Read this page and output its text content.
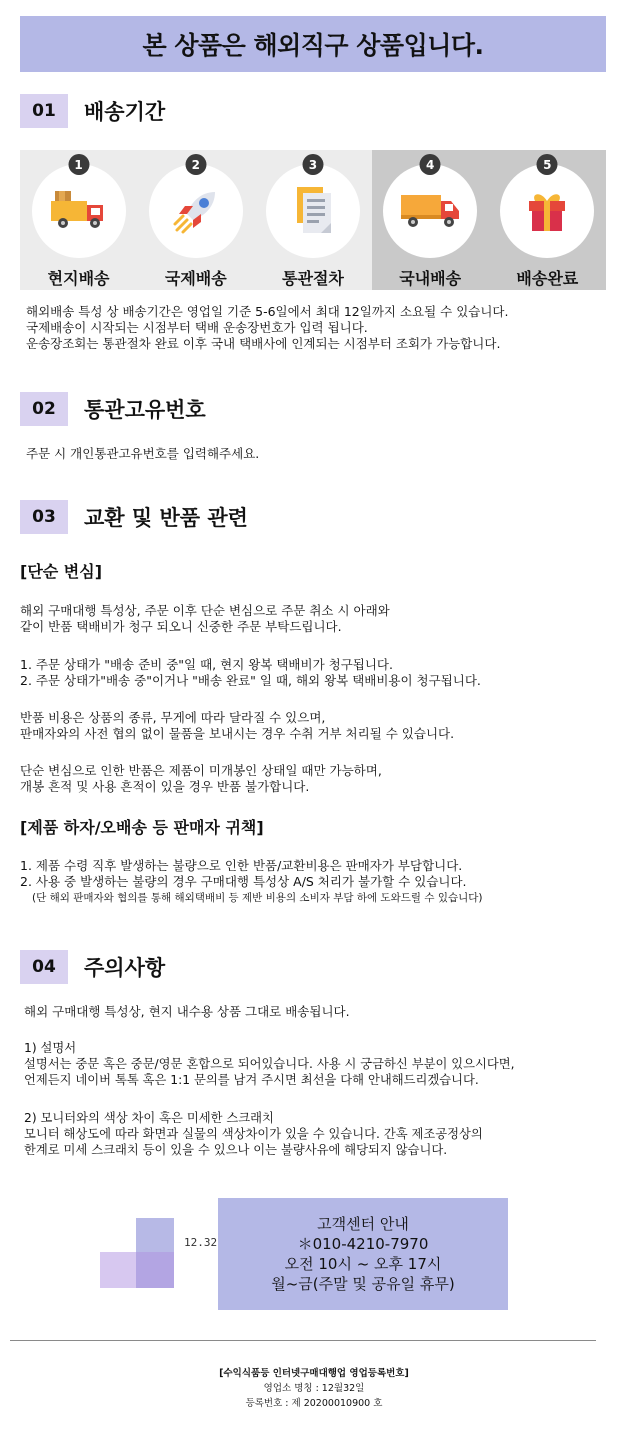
본 상품은 해외직구 상품입니다.
01	배송기간
1
현지배송
2
국제배송
3
통관절차
4
국내배송
5
배송완료
해외배송 특성 상 배송기간은 영업일 기준 5-6일에서 최대 12일까지 소요될 수 있습니다.
국제배송이 시작되는 시점부터 택배 운송장번호가 입력 됩니다.
운송장조회는 통관절차 완료 이후 국내 택배사에 인계되는 시점부터 조회가 가능합니다.
02	통관고유번호
주문 시 개인통관고유번호를 입력해주세요.
03	교환 및 반품 관련
[단순 변심]
해외 구매대행 특성상, 주문 이후 단순 변심으로 주문 취소 시 아래와
같이 반품 택배비가 청구 되오니 신중한 주문 부탁드립니다.
1. 주문 상태가 "배송 준비 중"일 때, 현지 왕복 택배비가 청구됩니다.
2. 주문 상태가"배송 중"이거나 "배송 완료" 일 때, 해외 왕복 택배비용이 청구됩니다.
반품 비용은 상품의 종류, 무게에 따라 달라질 수 있으며,
판매자와의 사전 협의 없이 물품을 보내시는 경우 수취 거부 처리될 수 있습니다.
단순 변심으로 인한 반품은 제품이 미개봉인 상태일 때만 가능하며,
개봉 흔적 및 사용 흔적이 있을 경우 반품 불가합니다.
[제품 하자/오배송 등 판매자 귀책]
1. 제품 수령 직후 발생하는 불량으로 인한 반품/교환비용은 판매자가 부담합니다.
2. 사용 중 발생하는 불량의 경우 구매대행 특성상 A/S 처리가 불가할 수 있습니다.
(단 해외 판매자와 협의를 통해 해외택배비 등 제반 비용의 소비자 부담 하에 도와드릴 수 있습니다)
04	주의사항
해외 구매대행 특성상, 현지 내수용 상품 그대로 배송됩니다.
1) 설명서
설명서는 중문 혹은 중문/영문 혼합으로 되어있습니다. 사용 시 궁금하신 부분이 있으시다면,
언제든지 네이버 톡톡 혹은 1:1 문의를 남겨 주시면 최선을 다해 안내해드리겠습니다.
2) 모니터와의 색상 차이 혹은 미세한 스크래치
모니터 해상도에 따라 화면과 실물의 색상차이가 있을 수 있습니다. 간혹 제조공정상의
한계로 미세 스크래치 등이 있을 수 있으나 이는 불량사유에 해당되지 않습니다.
12.32
고객센터 안내
＊010-4210-7970
오전 10시 ~ 오후 17시
월~금(주말 및 공유일 휴무)
[수익식품등 인터넷구매대행업 영업등록번호]
영업소 명칭 : 12월32일
등록번호 : 제 20200010900 호
